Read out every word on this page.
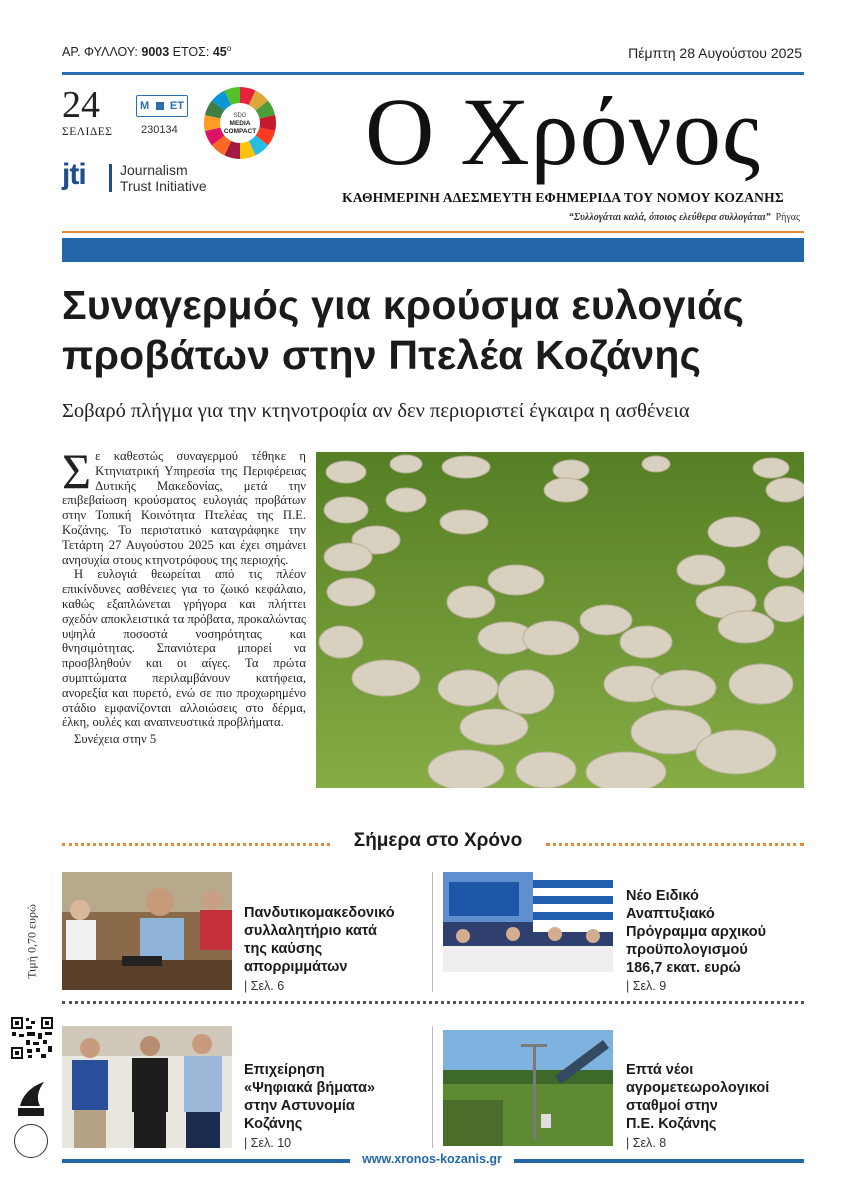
ΑΡ. ΦΥΛΛΟΥ: 9003 ΕΤΟΣ: $45^o$	Πέμπτη 28 Αυγούστου 2025
24
ΣΕΛΙΔΕΣ
M ET
230134
SDG
MEDIA
COMPACT
jti Journalism
Trust Initiative
Ο Χρόνος
ΚΑΘΗΜΕΡΙΝΗ ΑΔΕΣΜΕΥΤΗ ΕΦΗΜΕΡΙΔΑ ΤΟΥ ΝΟΜΟΥ ΚΟΖΑΝΗΣ
“Συλλογάται καλά, όποιος ελεύθερα συλλογάται” Ρήγας
Συναγερμός για κρούσμα ευλογιάς
προβάτων στην Πτελέα Κοζάνης
Σοβαρό πλήγμα για την κτηνοτροφία αν δεν περιοριστεί έγκαιρα η ασθένεια

Σε καθεστώς συναγερμού τέθηκε η Κτηνιατρική Υπηρεσία της Περιφέρειας Δυτικής Μακεδονίας, μετά την επιβεβαίωση κρούσματος ευλογιάς προβάτων στην Τοπική Κοινότητα Πτελέας της Π.Ε. Κοζάνης. Το περιστατικό καταγράφηκε την Τετάρτη 27 Αυγούστου 2025 και έχει σημάνει ανησυχία στους κτηνοτρόφους της περιοχής.

Η ευλογιά θεωρείται από τις πλέον επικίνδυνες ασθένειες για το ζωικό κεφάλαιο, καθώς εξαπλώνεται γρήγορα και πλήττει σχεδόν αποκλειστικά τα πρόβατα, προκαλώντας υψηλά ποσοστά νοσηρότητας και θνησιμότητας. Σπανιότερα μπορεί να προσβληθούν και οι αίγες. Τα πρώτα συμπτώματα περιλαμβάνουν κατήφεια, ανορεξία και πυρετό, ενώ σε πιο προχωρημένο στάδιο εμφανίζονται αλλοιώσεις στο δέρμα, έλκη, ουλές και αναπνευστικά προβλήματα.

Συνέχεια στην 5

Σήμερα στο Χρόνο
Τιμή 0,70 ευρώ	Πανδυτικομακεδονικό
συλλαλητήριο κατά
της καύσης
απορριμμάτων
| Σελ. 6
Νέο Ειδικό
Αναπτυξιακό
Πρόγραμμα αρχικού
προϋπολογισμού
186,7 εκατ. ευρώ
| Σελ. 9
Επιχείρηση
«Ψηφιακά βήματα»
στην Αστυνομία
Κοζάνης
| Σελ. 10
Επτά νέοι
αγρομετεωρολογικοί
σταθμοί στην
Π.Ε. Κοζάνης
| Σελ. 8
www.xronos-kozanis.gr
